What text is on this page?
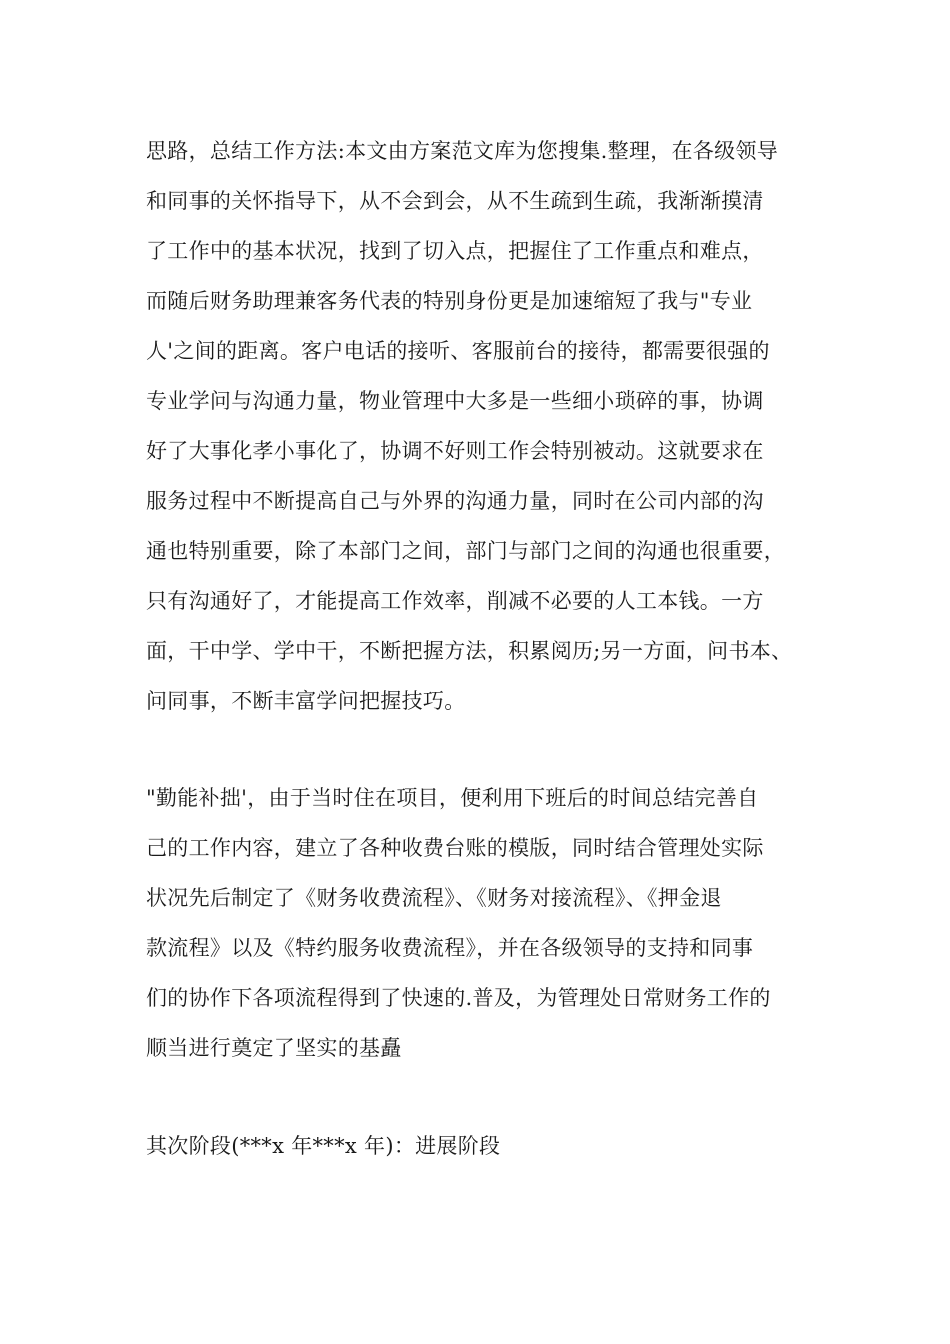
思路，总结工作方法:本文由方案范文库为您搜集.整理，在各级领导
和同事的关怀指导下，从不会到会，从不生疏到生疏，我渐渐摸清
了工作中的基本状况，找到了切入点，把握住了工作重点和难点，
而随后财务助理兼客务代表的特别身份更是加速缩短了我与"专业
人'之间的距离。客户电话的接听、客服前台的接待，都需要很强的
专业学问与沟通力量，物业管理中大多是一些细小琐碎的事，协调
好了大事化孝小事化了，协调不好则工作会特别被动。这就要求在
服务过程中不断提高自己与外界的沟通力量，同时在公司内部的沟
通也特别重要，除了本部门之间，部门与部门之间的沟通也很重要，
只有沟通好了，才能提高工作效率，削减不必要的人工本钱。一方
面，干中学、学中干，不断把握方法，积累阅历;另一方面，问书本、
问同事，不断丰富学问把握技巧。
"勤能补拙'，由于当时住在项目，便利用下班后的时间总结完善自
己的工作内容，建立了各种收费台账的模版，同时结合管理处实际
状况先后制定了《财务收费流程》、《财务对接流程》、《押金退
款流程》以及《特约服务收费流程》，并在各级领导的支持和同事
们的协作下各项流程得到了快速的.普及，为管理处日常财务工作的
顺当进行奠定了坚实的基矗
其次阶段(***x 年***x 年)：进展阶段
